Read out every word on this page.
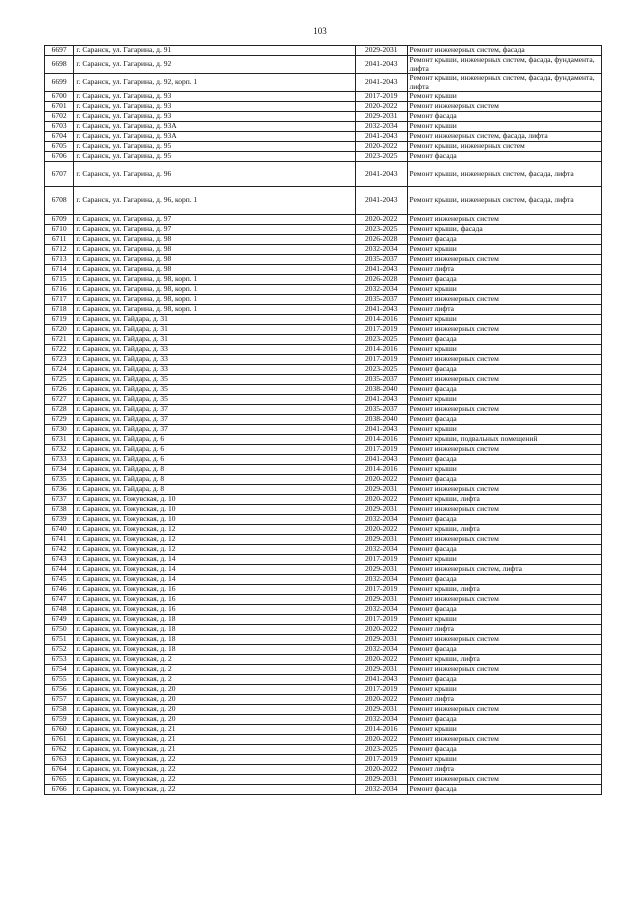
103
6697	г. Саранск, ул. Гагарина, д. 91	2029-2031	Ремонт инженерных систем, фасада
6698	г. Саранск, ул. Гагарина, д. 92	2041-2043	Ремонт крыши, инженерных систем, фасада, фундамента, лифта
6699	г. Саранск, ул. Гагарина, д. 92, корп. 1	2041-2043	Ремонт крыши, инженерных систем, фасада, фундамента, лифта
6700	г. Саранск, ул. Гагарина, д. 93	2017-2019	Ремонт крыши
6701	г. Саранск, ул. Гагарина, д. 93	2020-2022	Ремонт инженерных систем
6702	г. Саранск, ул. Гагарина, д. 93	2029-2031	Ремонт фасада
6703	г. Саранск, ул. Гагарина, д. 93А	2032-2034	Ремонт крыши
6704	г. Саранск, ул. Гагарина, д. 93А	2041-2043	Ремонт инженерных систем, фасада, лифта
6705	г. Саранск, ул. Гагарина, д. 95	2020-2022	Ремонт крыши, инженерных систем
6706	г. Саранск, ул. Гагарина, д. 95	2023-2025	Ремонт фасада
6707	г. Саранск, ул. Гагарина, д. 96	2041-2043	Ремонт крыши, инженерных систем, фасада, лифта
6708	г. Саранск, ул. Гагарина, д. 96, корп. 1	2041-2043	Ремонт крыши, инженерных систем, фасада, лифта
6709	г. Саранск, ул. Гагарина, д. 97	2020-2022	Ремонт инженерных систем
6710	г. Саранск, ул. Гагарина, д. 97	2023-2025	Ремонт крыши, фасада
6711	г. Саранск, ул. Гагарина, д. 98	2026-2028	Ремонт фасада
6712	г. Саранск, ул. Гагарина, д. 98	2032-2034	Ремонт крыши
6713	г. Саранск, ул. Гагарина, д. 98	2035-2037	Ремонт инженерных систем
6714	г. Саранск, ул. Гагарина, д. 98	2041-2043	Ремонт лифта
6715	г. Саранск, ул. Гагарина, д. 98, корп. 1	2026-2028	Ремонт фасада
6716	г. Саранск, ул. Гагарина, д. 98, корп. 1	2032-2034	Ремонт крыши
6717	г. Саранск, ул. Гагарина, д. 98, корп. 1	2035-2037	Ремонт инженерных систем
6718	г. Саранск, ул. Гагарина, д. 98, корп. 1	2041-2043	Ремонт лифта
6719	г. Саранск, ул. Гайдара, д. 31	2014-2016	Ремонт крыши
6720	г. Саранск, ул. Гайдара, д. 31	2017-2019	Ремонт инженерных систем
6721	г. Саранск, ул. Гайдара, д. 31	2023-2025	Ремонт фасада
6722	г. Саранск, ул. Гайдара, д. 33	2014-2016	Ремонт крыши
6723	г. Саранск, ул. Гайдара, д. 33	2017-2019	Ремонт инженерных систем
6724	г. Саранск, ул. Гайдара, д. 33	2023-2025	Ремонт фасада
6725	г. Саранск, ул. Гайдара, д. 35	2035-2037	Ремонт инженерных систем
6726	г. Саранск, ул. Гайдара, д. 35	2038-2040	Ремонт фасада
6727	г. Саранск, ул. Гайдара, д. 35	2041-2043	Ремонт крыши
6728	г. Саранск, ул. Гайдара, д. 37	2035-2037	Ремонт инженерных систем
6729	г. Саранск, ул. Гайдара, д. 37	2038-2040	Ремонт фасада
6730	г. Саранск, ул. Гайдара, д. 37	2041-2043	Ремонт крыши
6731	г. Саранск, ул. Гайдара, д. 6	2014-2016	Ремонт крыши, подвальных помещений
6732	г. Саранск, ул. Гайдара, д. 6	2017-2019	Ремонт инженерных систем
6733	г. Саранск, ул. Гайдара, д. 6	2041-2043	Ремонт фасада
6734	г. Саранск, ул. Гайдара, д. 8	2014-2016	Ремонт крыши
6735	г. Саранск, ул. Гайдара, д. 8	2020-2022	Ремонт фасада
6736	г. Саранск, ул. Гайдара, д. 8	2029-2031	Ремонт инженерных систем
6737	г. Саранск, ул. Гожувская, д. 10	2020-2022	Ремонт крыши, лифта
6738	г. Саранск, ул. Гожувская, д. 10	2029-2031	Ремонт инженерных систем
6739	г. Саранск, ул. Гожувская, д. 10	2032-2034	Ремонт фасада
6740	г. Саранск, ул. Гожувская, д. 12	2020-2022	Ремонт крыши, лифта
6741	г. Саранск, ул. Гожувская, д. 12	2029-2031	Ремонт инженерных систем
6742	г. Саранск, ул. Гожувская, д. 12	2032-2034	Ремонт фасада
6743	г. Саранск, ул. Гожувская, д. 14	2017-2019	Ремонт крыши
6744	г. Саранск, ул. Гожувская, д. 14	2029-2031	Ремонт инженерных систем, лифта
6745	г. Саранск, ул. Гожувская, д. 14	2032-2034	Ремонт фасада
6746	г. Саранск, ул. Гожувская, д. 16	2017-2019	Ремонт крыши, лифта
6747	г. Саранск, ул. Гожувская, д. 16	2029-2031	Ремонт инженерных систем
6748	г. Саранск, ул. Гожувская, д. 16	2032-2034	Ремонт фасада
6749	г. Саранск, ул. Гожувская, д. 18	2017-2019	Ремонт крыши
6750	г. Саранск, ул. Гожувская, д. 18	2020-2022	Ремонт лифта
6751	г. Саранск, ул. Гожувская, д. 18	2029-2031	Ремонт инженерных систем
6752	г. Саранск, ул. Гожувская, д. 18	2032-2034	Ремонт фасада
6753	г. Саранск, ул. Гожувская, д. 2	2020-2022	Ремонт крыши, лифта
6754	г. Саранск, ул. Гожувская, д. 2	2029-2031	Ремонт инженерных систем
6755	г. Саранск, ул. Гожувская, д. 2	2041-2043	Ремонт фасада
6756	г. Саранск, ул. Гожувская, д. 20	2017-2019	Ремонт крыши
6757	г. Саранск, ул. Гожувская, д. 20	2020-2022	Ремонт лифта
6758	г. Саранск, ул. Гожувская, д. 20	2029-2031	Ремонт инженерных систем
6759	г. Саранск, ул. Гожувская, д. 20	2032-2034	Ремонт фасада
6760	г. Саранск, ул. Гожувская, д. 21	2014-2016	Ремонт крыши
6761	г. Саранск, ул. Гожувская, д. 21	2020-2022	Ремонт инженерных систем
6762	г. Саранск, ул. Гожувская, д. 21	2023-2025	Ремонт фасада
6763	г. Саранск, ул. Гожувская, д. 22	2017-2019	Ремонт крыши
6764	г. Саранск, ул. Гожувская, д. 22	2020-2022	Ремонт лифта
6765	г. Саранск, ул. Гожувская, д. 22	2029-2031	Ремонт инженерных систем
6766	г. Саранск, ул. Гожувская, д. 22	2032-2034	Ремонт фасада
